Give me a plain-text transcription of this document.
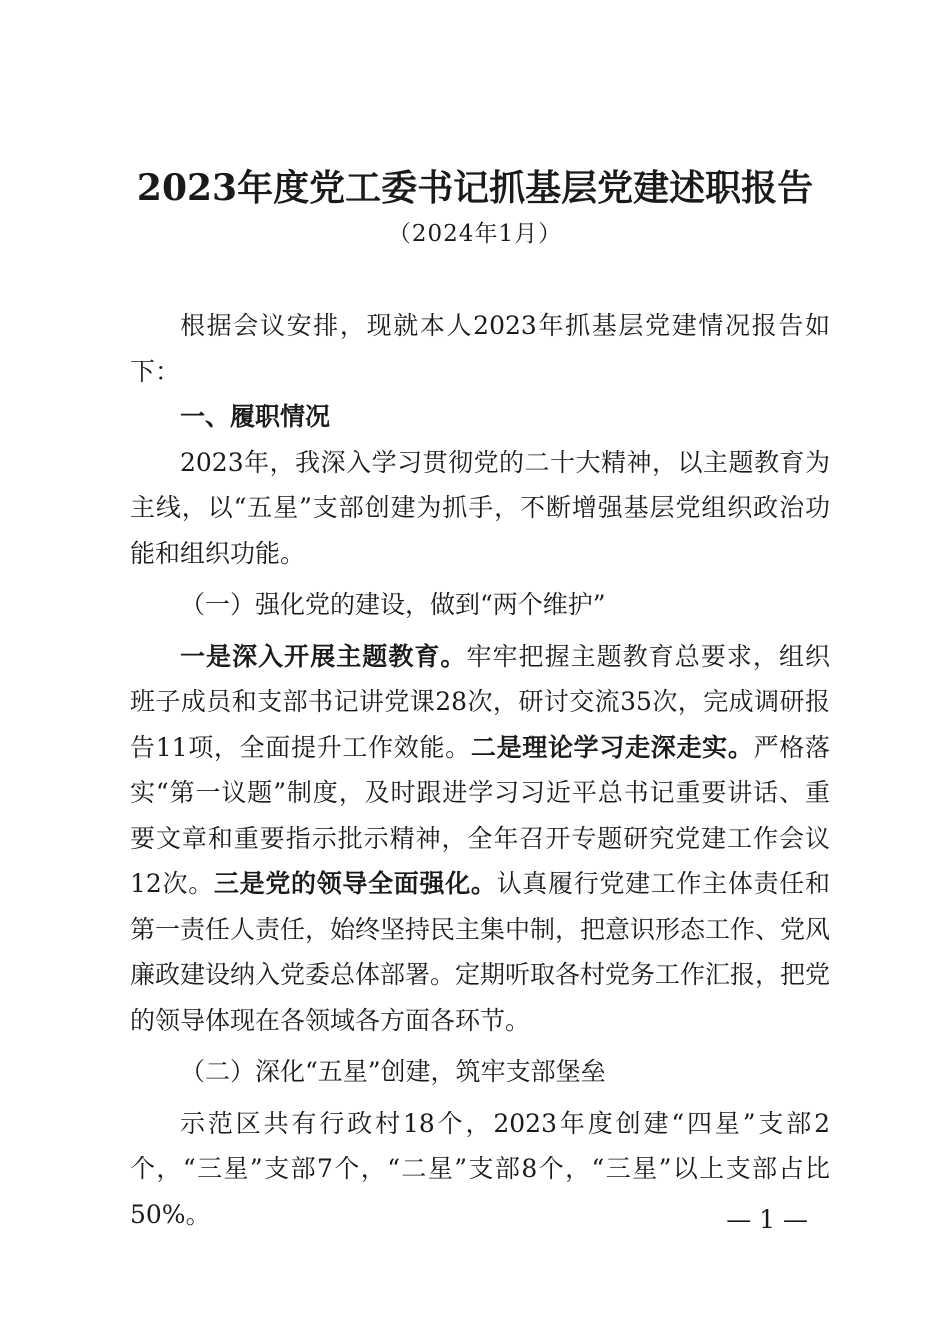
2023年度党工委书记抓基层党建述职报告
（2024年1月）

根据会议安排，现就本人2023年抓基层党建情况报告如下：

一、履职情况

2023年，我深入学习贯彻党的二十大精神，以主题教育为主线，以“五星”支部创建为抓手，不断增强基层党组织政治功能和组织功能。

（一）强化党的建设，做到“两个维护”

一是深入开展主题教育。牢牢把握主题教育总要求，组织班子成员和支部书记讲党课28次，研讨交流35次，完成调研报告11项，全面提升工作效能。二是理论学习走深走实。严格落实“第一议题”制度，及时跟进学习习近平总书记重要讲话、重要文章和重要指示批示精神，全年召开专题研究党建工作会议12次。三是党的领导全面强化。认真履行党建工作主体责任和第一责任人责任，始终坚持民主集中制，把意识形态工作、党风廉政建设纳入党委总体部署。定期听取各村党务工作汇报，把党的领导体现在各领域各方面各环节。

（二）深化“五星”创建，筑牢支部堡垒

示范区共有行政村18个，2023年度创建“四星”支部2个，“三星”支部7个，“二星”支部8个，“三星”以上支部占比50%。	— 1 —
